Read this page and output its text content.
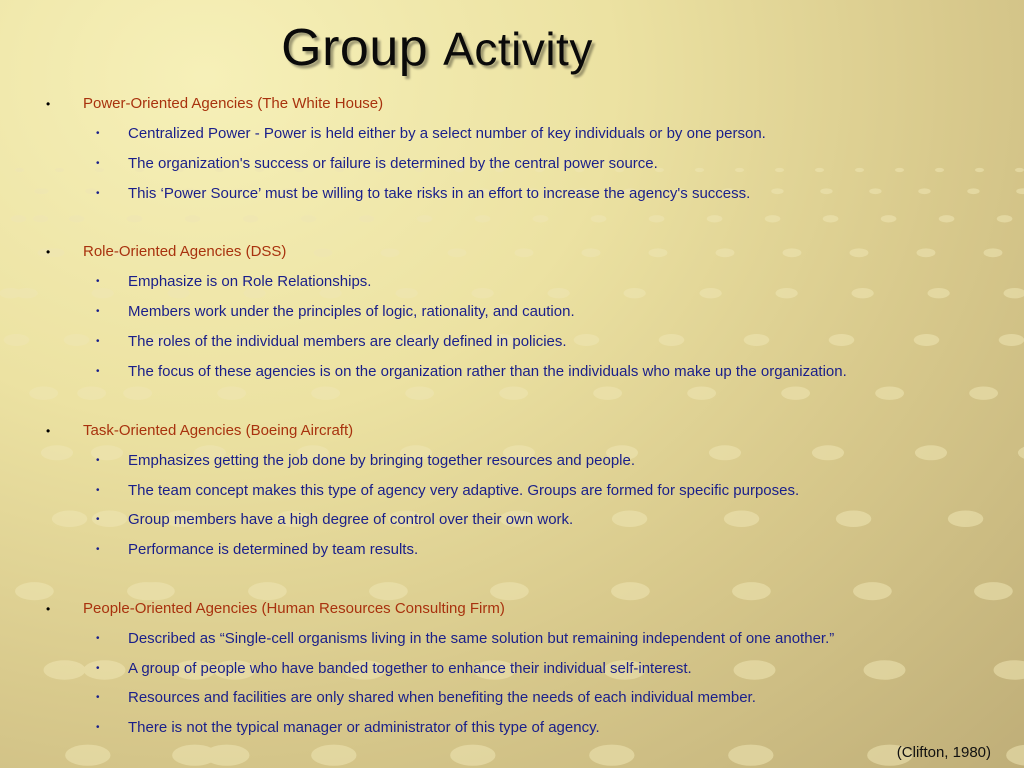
Group Activity
• Power-Oriented Agencies (The White House)
• Centralized Power - Power is held either by a select number of key individuals or by one person.
• The organization's success or failure is determined by the central power source.
• This ‘Power Source’ must be willing to take risks in an effort to increase the agency's success.
• Role-Oriented Agencies (DSS)
• Emphasize is on Role Relationships.
• Members work under the principles of logic, rationality, and caution.
• The roles of the individual members are clearly defined in policies.
• The focus of these agencies is on the organization rather than the individuals who make up the organization.
• Task-Oriented Agencies (Boeing Aircraft)
• Emphasizes getting the job done by bringing together resources and people.
• The team concept makes this type of agency very adaptive. Groups are formed for specific purposes.
• Group members have a high degree of control over their own work.
• Performance is determined by team results.
• People-Oriented Agencies (Human Resources Consulting Firm)
• Described as “Single-cell organisms living in the same solution but remaining independent of one another.”
• A group of people who have banded together to enhance their individual self-interest.
• Resources and facilities are only shared when benefiting the needs of each individual member.
• There is not the typical manager or administrator of this type of agency.
(Clifton, 1980)
